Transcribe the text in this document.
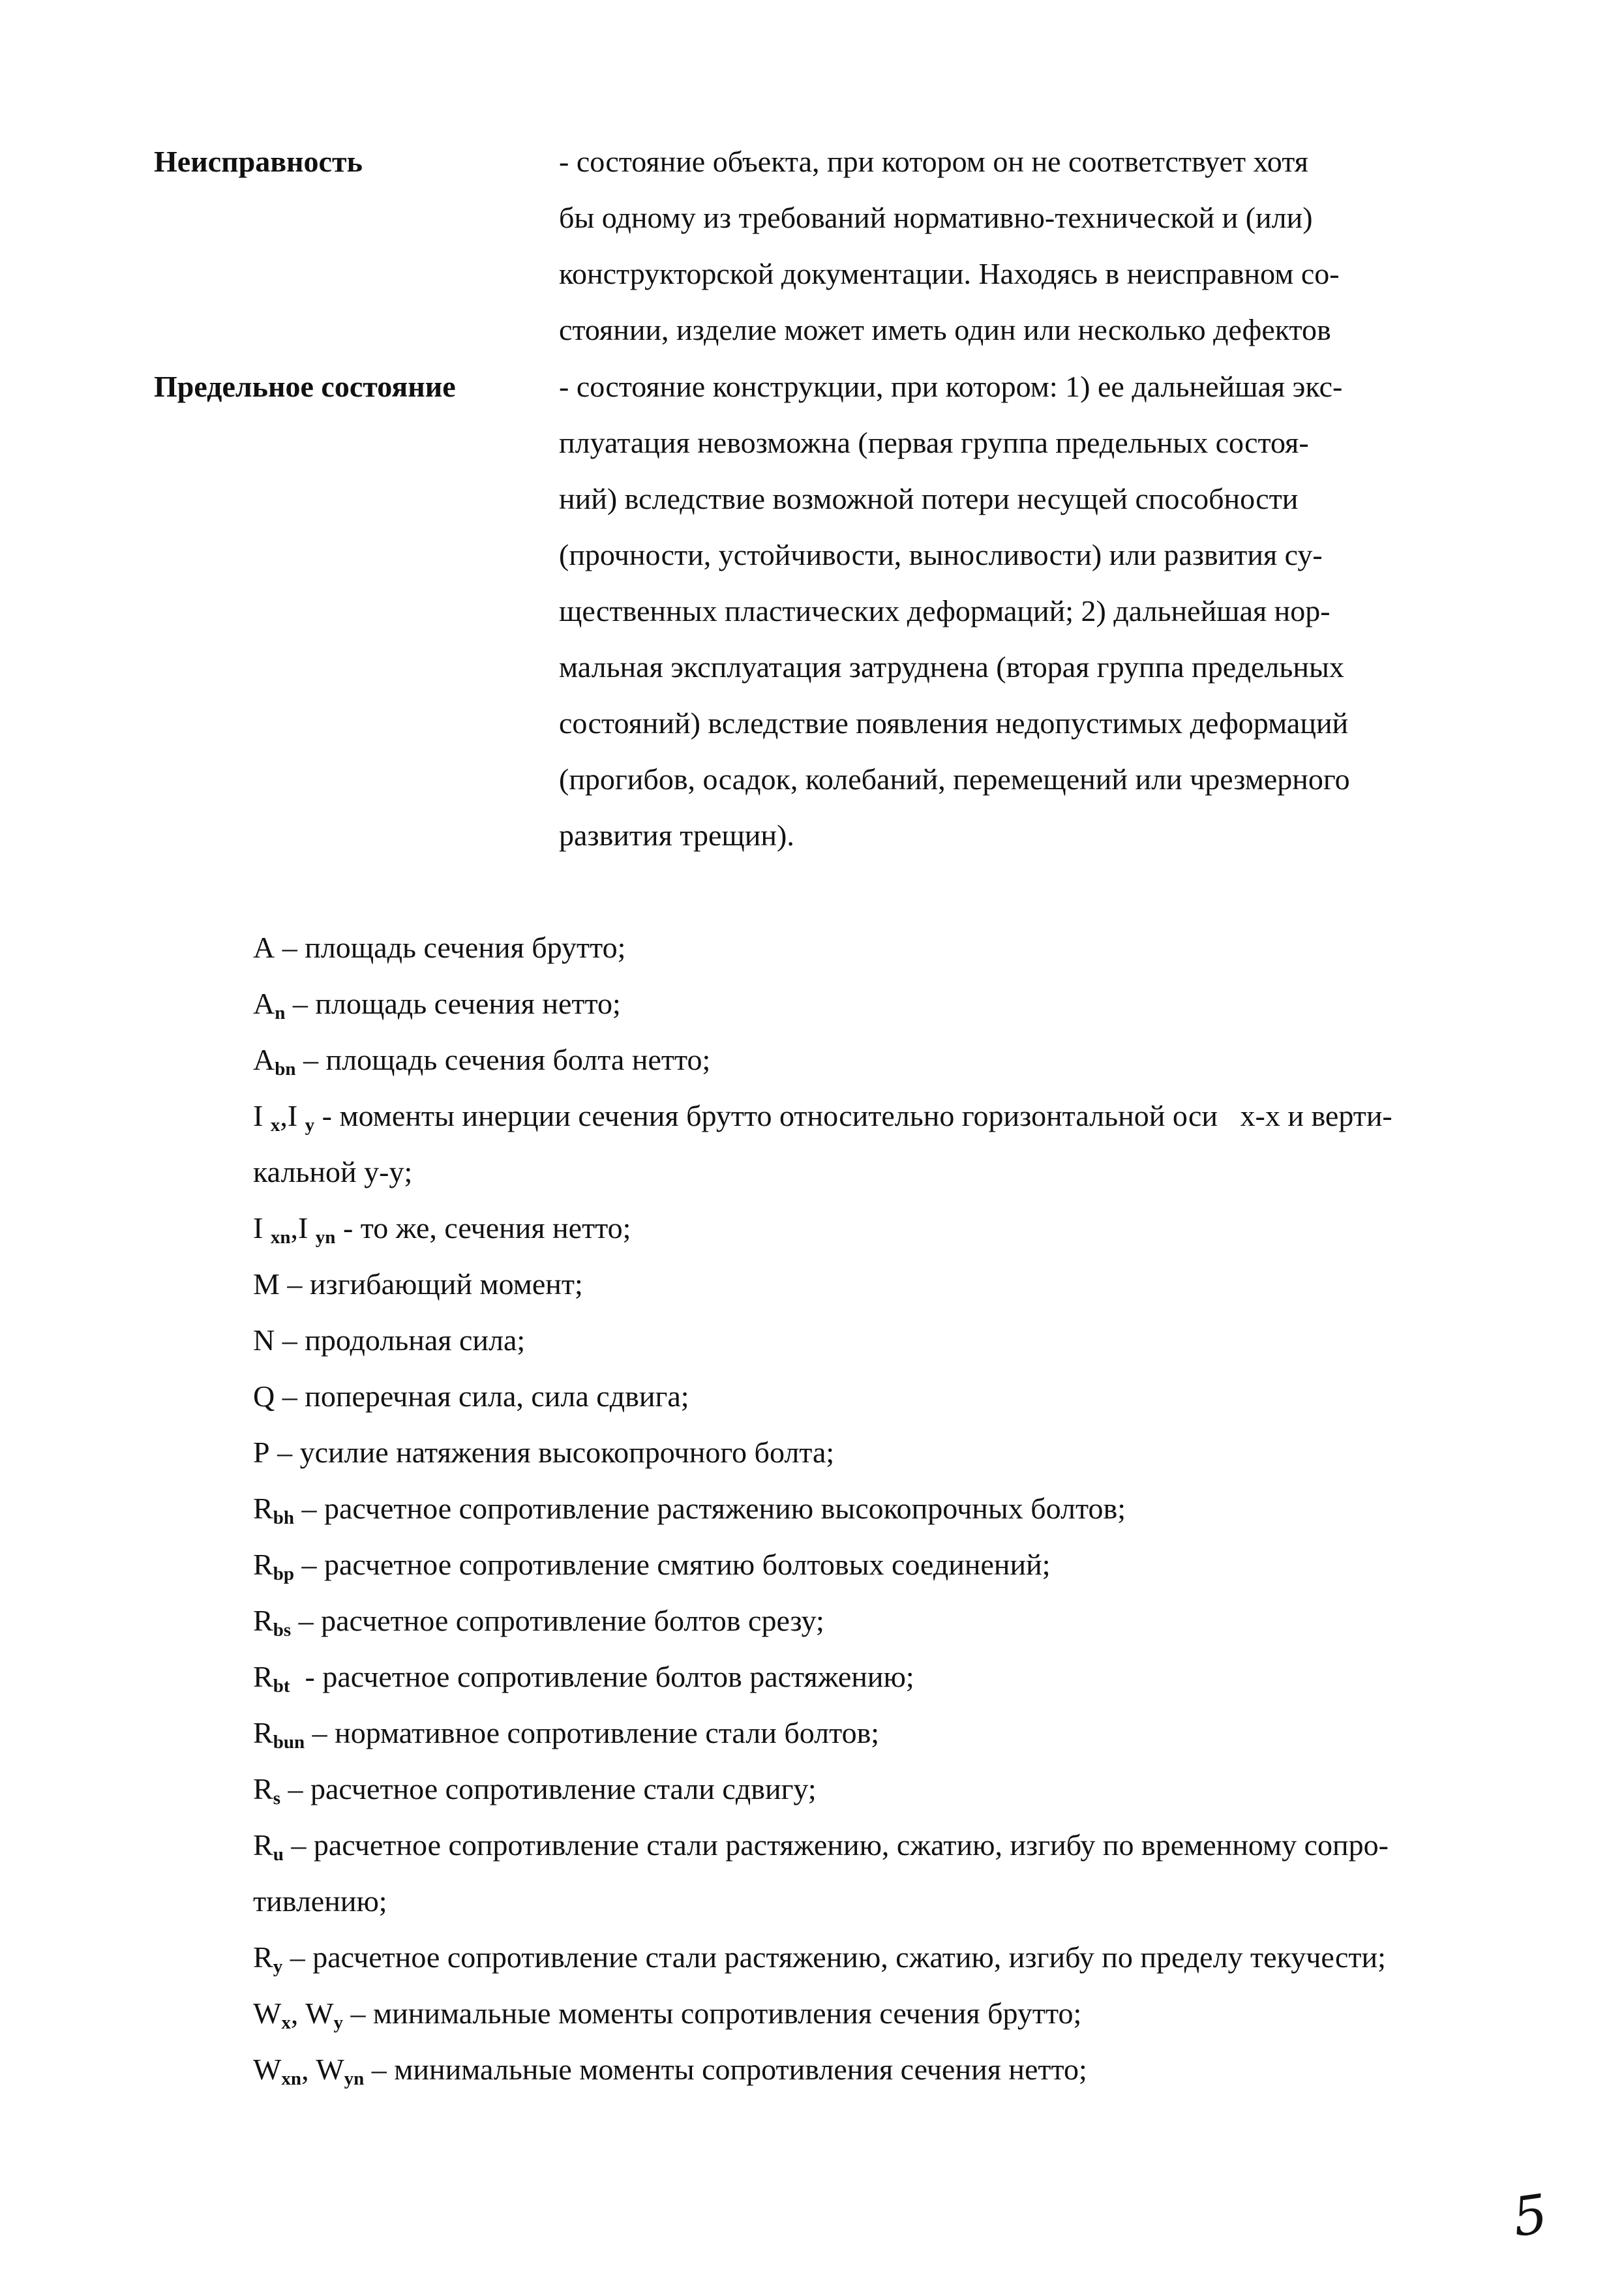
Неисправность	- состояние объекта, при котором он не соответствует хотя
бы одному из требований нормативно-технической и (или)
конструкторской документации. Находясь в неисправном со-
стоянии, изделие может иметь один или несколько дефектов
Предельное состояние	- состояние конструкции, при котором: 1) ее дальнейшая экс-
плуатация невозможна (первая группа предельных состоя-
ний) вследствие возможной потери несущей способности
(прочности, устойчивости, выносливости) или развития су-
щественных пластических деформаций; 2) дальнейшая нор-
мальная эксплуатация затруднена (вторая группа предельных
состояний) вследствие появления недопустимых деформаций
(прогибов, осадок, колебаний, перемещений или чрезмерного
развития трещин).
A – площадь сечения брутто;
$A_n$ – площадь сечения нетто;
$A_{bn}$ – площадь сечения болта нетто;
I $_x$,I $_y$ - моменты инерции сечения брутто относительно горизонтальной оси   x-x и верти-
кальной y-y;
I $_{xn}$,I $_{yn}$ - то же, сечения нетто;
M – изгибающий момент;
N – продольная сила;
Q – поперечная сила, сила сдвига;
P – усилие натяжения высокопрочного болта;
$R_{bh}$ – расчетное сопротивление растяжению высокопрочных болтов;
$R_{bp}$ – расчетное сопротивление смятию болтовых соединений;
$R_{bs}$ – расчетное сопротивление болтов срезу;
$R_{bt}$  - расчетное сопротивление болтов растяжению;
$R_{bun}$ – нормативное сопротивление стали болтов;
$R_s$ – расчетное сопротивление стали сдвигу;
$R_u$ – расчетное сопротивление стали растяжению, сжатию, изгибу по временному сопро-
тивлению;
$R_y$ – расчетное сопротивление стали растяжению, сжатию, изгибу по пределу текучести;
$W_x$, $W_y$ – минимальные моменты сопротивления сечения брутто;
$W_{xn}$, $W_{yn}$ – минимальные моменты сопротивления сечения нетто;
5
